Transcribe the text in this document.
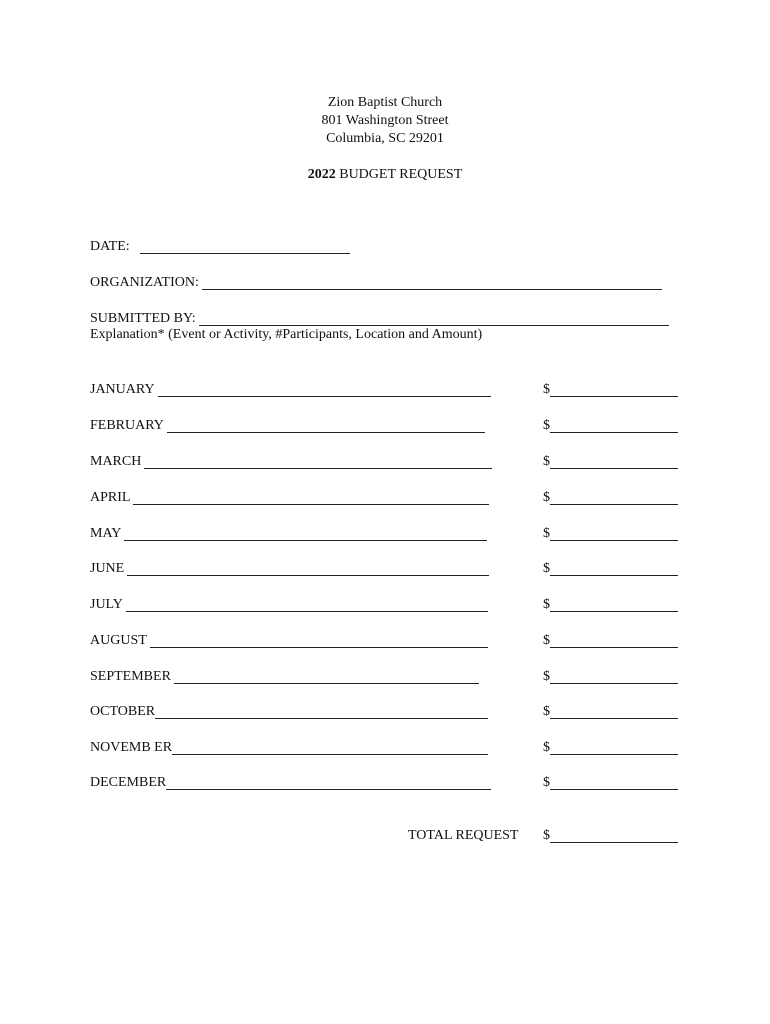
Zion Baptist Church
801 Washington Street
Columbia, SC 29201
2022 BUDGET REQUEST
DATE:
ORGANIZATION:
SUBMITTED BY:
Explanation* (Event or Activity, #Participants, Location and Amount)
JANUARY	$
FEBRUARY	$
MARCH	$
APRIL	$
MAY	$
JUNE	$
JULY	$
AUGUST	$
SEPTEMBER	$
OCTOBER	$
NOVEMB ER	$
DECEMBER	$
TOTAL REQUEST $
